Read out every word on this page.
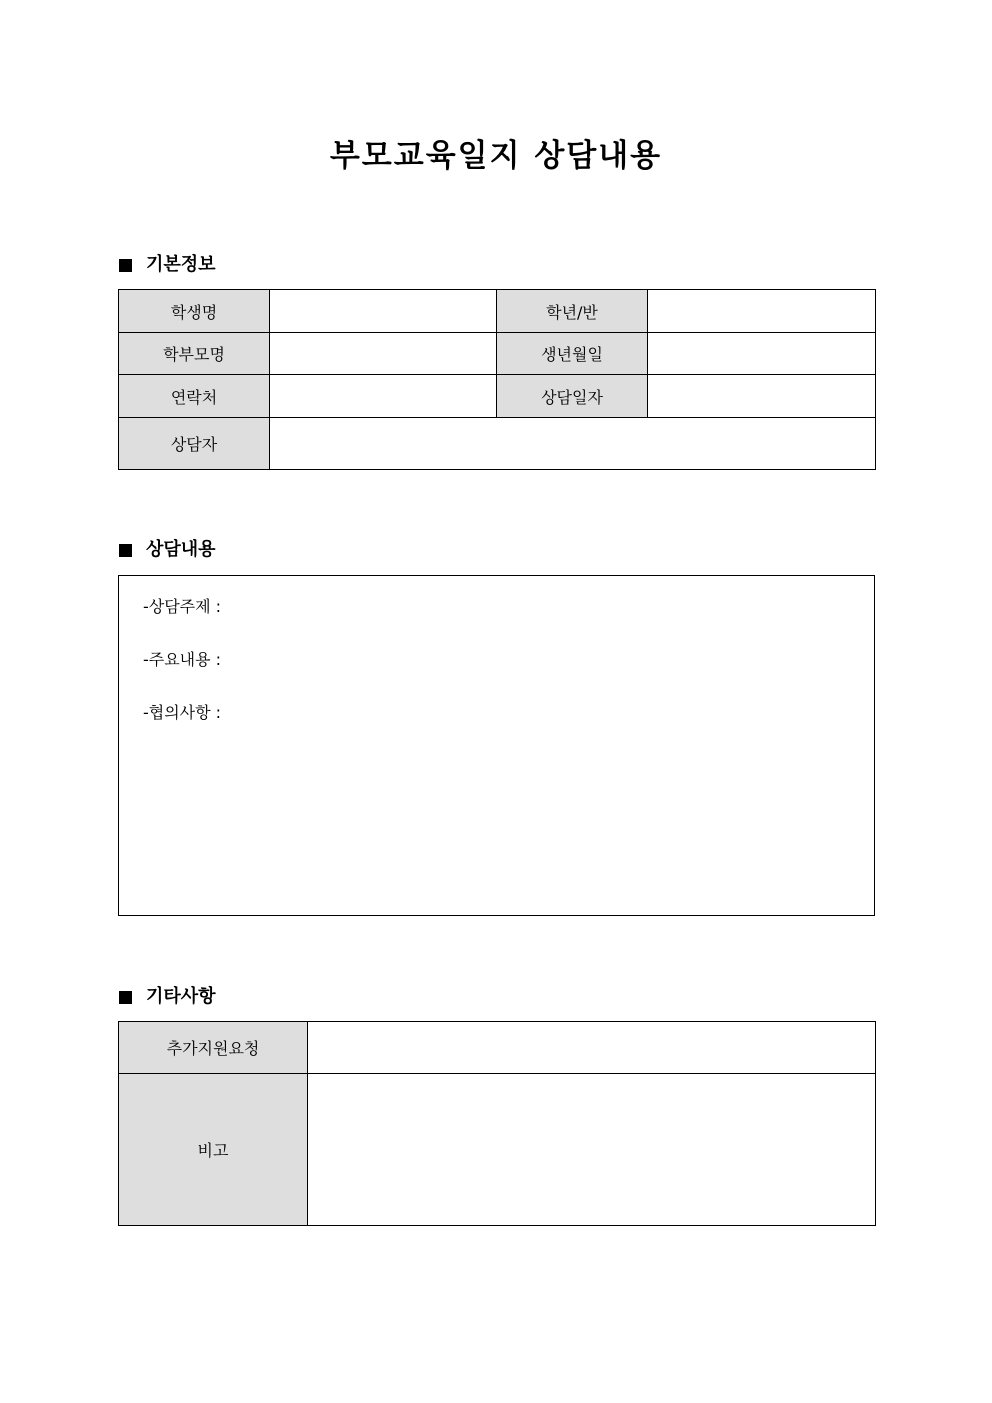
부모교육일지 상담내용
기본정보
학생명		학년/반	
학부모명		생년월일	
연락처		상담일자	
상담자			
상담내용
-상담주제 :
-주요내용 :
-협의사항 :
기타사항
추가지원요청	
비고	
